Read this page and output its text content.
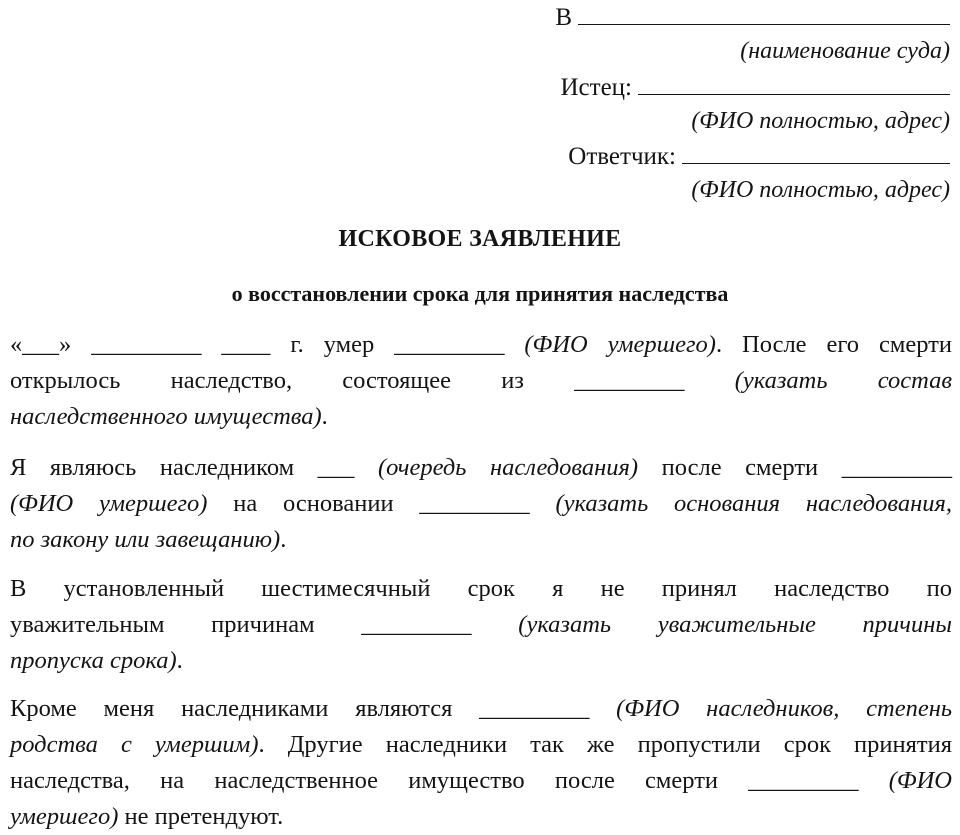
В
(наименование суда)
Истец:
(ФИО полностью, адрес)
Ответчик:
(ФИО полностью, адрес)
ИСКОВОЕ ЗАЯВЛЕНИЕ
о восстановлении срока для принятия наследства
«___» _________ ____ г. умер _________ (ФИО умершего). После его смерти
открылось наследство, состоящее из _________ (указать состав
наследственного имущества).
Я являюсь наследником ___ (очередь наследования) после смерти _________
(ФИО умершего) на основании _________ (указать основания наследования,
по закону или завещанию).
В установленный шестимесячный срок я не принял наследство по
уважительным причинам _________ (указать уважительные причины
пропуска срока).
Кроме меня наследниками являются _________ (ФИО наследников, степень
родства с умершим). Другие наследники так же пропустили срок принятия
наследства, на наследственное имущество после смерти _________ (ФИО
умершего) не претендуют.
